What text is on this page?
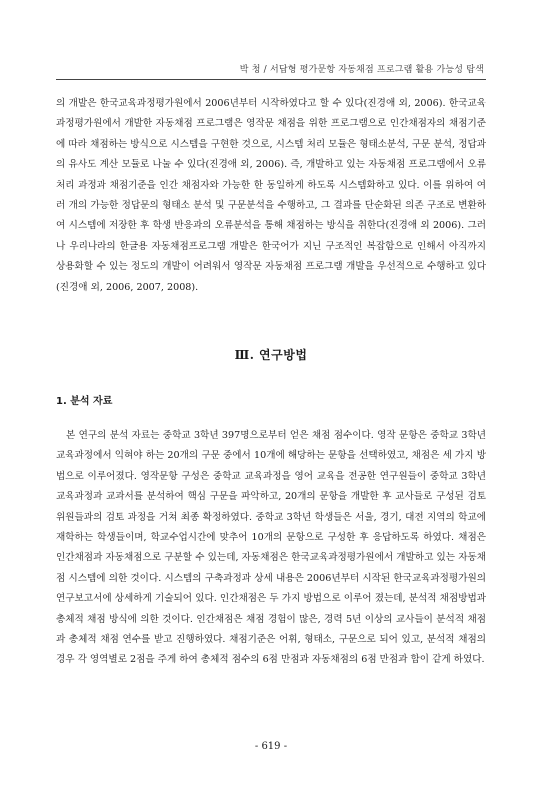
박 청 / 서답형 평가문항 자동채점 프로그램 활용 가능성 탐색

의 개발은 한국교육과정평가원에서 2006년부터 시작하였다고 할 수 있다(진경애 외, 2006). 한국교육과정평가원에서 개발한 자동채점 프로그램은 영작문 채점을 위한 프로그램으로 인간채점자의 채점기준에 따라 채점하는 방식으로 시스템을 구현한 것으로, 시스템 처리 모듈은 형태소분석, 구문 분석, 정답과의 유사도 계산 모듈로 나눌 수 있다(진경애 외, 2006). 즉, 개발하고 있는 자동채점 프로그램에서 오류 처리 과정과 채점기준을 인간 채점자와 가능한 한 동일하게 하도록 시스템화하고 있다. 이를 위하여 여러 개의 가능한 정답문의 형태소 분석 및 구문분석을 수행하고, 그 결과를 단순화된 의존 구조로 변환하여 시스템에 저장한 후 학생 반응과의 오류분석을 통해 채점하는 방식을 취한다(진경애 외 2006). 그러나 우리나라의 한글용 자동채점프로그램 개발은 한국어가 지닌 구조적인 복잡함으로 인해서 아직까지 상용화할 수 있는 정도의 개발이 어려워서 영작문 자동채점 프로그램 개발을 우선적으로 수행하고 있다(진경애 외, 2006, 2007, 2008).

Ⅲ. 연구방법
1. 분석 자료

본 연구의 분석 자료는 중학교 3학년 397명으로부터 얻은 채점 점수이다. 영작 문항은 중학교 3학년 교육과정에서 익혀야 하는 20개의 구문 중에서 10개에 해당하는 문항을 선택하였고, 채점은 세 가지 방법으로 이루어졌다. 영작문항 구성은 중학교 교육과정을 영어 교육을 전공한 연구원들이 중학교 3학년 교육과정과 교과서를 분석하여 핵심 구문을 파악하고, 20개의 문항을 개발한 후 교사들로 구성된 검토위원들과의 검토 과정을 거쳐 최종 확정하였다. 중학교 3학년 학생들은 서울, 경기, 대전 지역의 학교에 재학하는 학생들이며, 학교수업시간에 맞추어 10개의 문항으로 구성한 후 응답하도록 하였다. 채점은 인간채점과 자동채점으로 구분할 수 있는데, 자동채점은 한국교육과정평가원에서 개발하고 있는 자동채점 시스템에 의한 것이다. 시스템의 구축과정과 상세 내용은 2006년부터 시작된 한국교육과정평가원의 연구보고서에 상세하게 기술되어 있다. 인간채점은 두 가지 방법으로 이루어 졌는데, 분석적 채점방법과 총체적 채점 방식에 의한 것이다. 인간채점은 채점 경험이 많은, 경력 5년 이상의 교사들이 분석적 채점과 총체적 채점 연수를 받고 진행하였다. 채점기준은 어휘, 형태소, 구문으로 되어 있고, 분석적 채점의 경우 각 영역별로 2점을 주게 하여 총체적 점수의 6점 만점과 자동채점의 6점 만점과 합이 같게 하였다.

- 619 -
